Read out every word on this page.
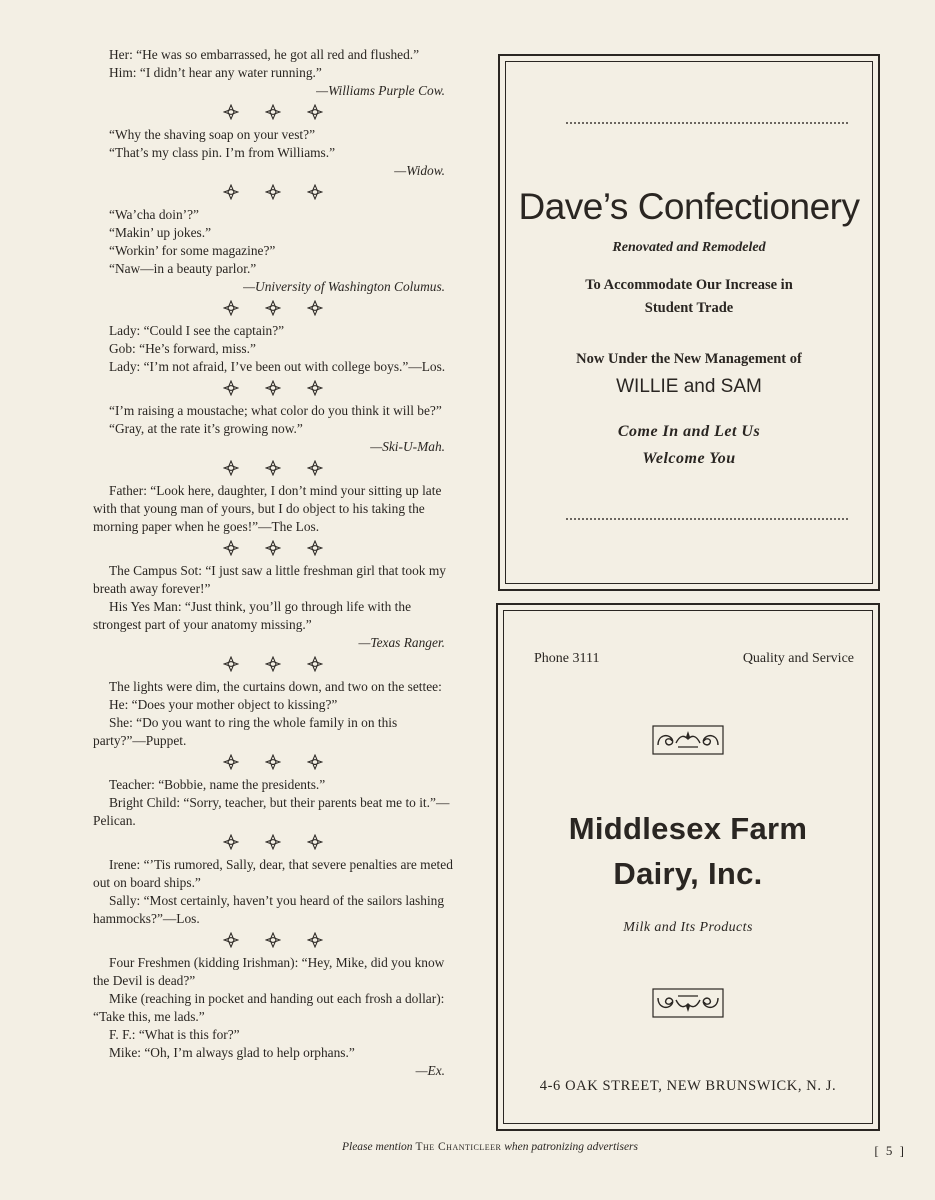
Her: “He was so embarrassed, he got all red and flushed.”

Him: “I didn’t hear any water running.”

—Williams Purple Cow.

“Why the shaving soap on your vest?”

“That’s my class pin. I’m from Williams.”

—Widow.

“Wa’cha doin’?”

“Makin’ up jokes.”

“Workin’ for some magazine?”

“Naw—in a beauty parlor.”

—University of Washington Columus.

Lady: “Could I see the captain?”

Gob: “He’s forward, miss.”

Lady: “I’m not afraid, I’ve been out with college boys.”—Los.

“I’m raising a moustache; what color do you think it will be?”

“Gray, at the rate it’s growing now.”

—Ski-U-Mah.

Father: “Look here, daughter, I don’t mind your sitting up late with that young man of yours, but I do object to his taking the morning paper when he goes!”—The Los.

The Campus Sot: “I just saw a little freshman girl that took my breath away forever!”

His Yes Man: “Just think, you’ll go through life with the strongest part of your anatomy missing.”

—Texas Ranger.

The lights were dim, the curtains down, and two on the settee:

He: “Does your mother object to kissing?”

She: “Do you want to ring the whole family in on this party?”—Puppet.

Teacher: “Bobbie, name the presidents.”

Bright Child: “Sorry, teacher, but their parents beat me to it.”—Pelican.

Irene: “’Tis rumored, Sally, dear, that severe penalties are meted out on board ships.”

Sally: “Most certainly, haven’t you heard of the sailors lashing hammocks?”—Los.

Four Freshmen (kidding Irishman): “Hey, Mike, did you know the Devil is dead?”

Mike (reaching in pocket and handing out each frosh a dollar): “Take this, me lads.”

F. F.: “What is this for?”

Mike: “Oh, I’m always glad to help orphans.”

—Ex.

Dave’s Confectionery
Renovated and Remodeled
To Accommodate Our Increase in
Student Trade
Now Under the New Management of
WILLIE and SAM
Come In and Let Us
Welcome You
Phone 3111	Quality and Service
Middlesex Farm
Dairy, Inc.
Milk and Its Products
4-6 OAK STREET, NEW BRUNSWICK, N. J.
Please mention The Chanticleer when patronizing advertisers	[ 5 ]
